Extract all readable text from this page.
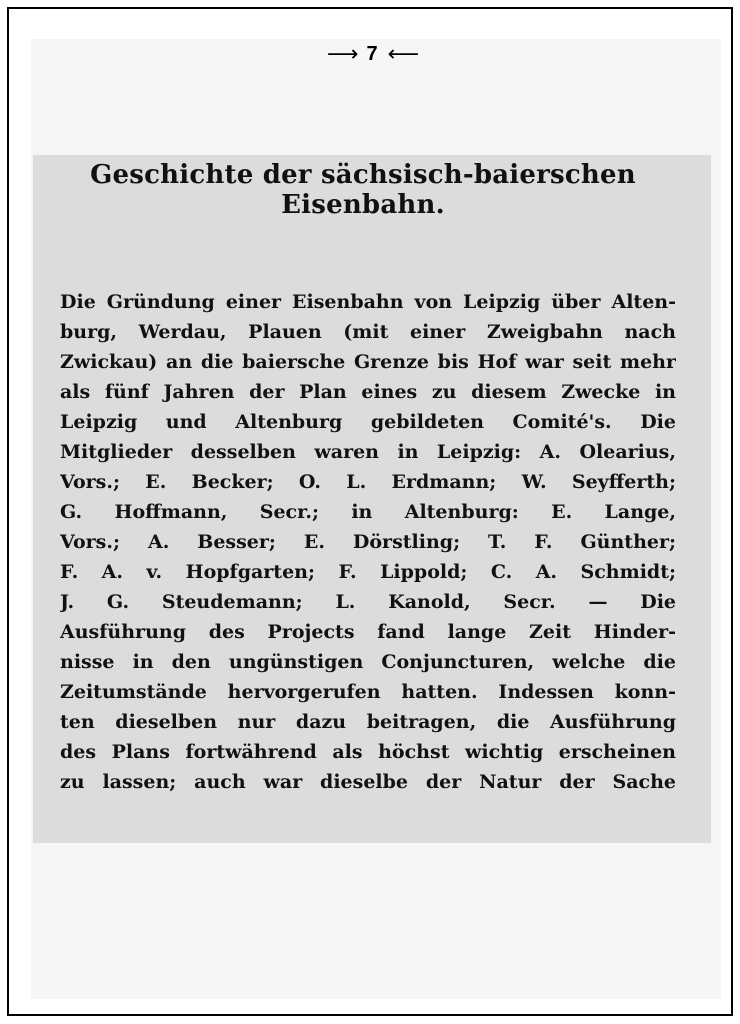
⟶ 7 ⟵
Geschichte der sächsisch-baierschen Eisenbahn.
Die Gründung einer Eisenbahn von Leipzig über Alten-
burg, Werdau, Plauen (mit einer Zweigbahn nach
Zwickau) an die baiersche Grenze bis Hof war seit mehr
als fünf Jahren der Plan eines zu diesem Zwecke in
Leipzig und Altenburg gebildeten Comité's. Die
Mitglieder desselben waren in Leipzig: A. Olearius,
Vors.; E. Becker; O. L. Erdmann; W. Seyfferth;
G. Hoffmann, Secr.; in Altenburg: E. Lange,
Vors.; A. Besser; E. Dörstling; T. F. Günther;
F. A. v. Hopfgarten; F. Lippold; C. A. Schmidt;
J. G. Steudemann; L. Kanold, Secr. — Die
Ausführung des Projects fand lange Zeit Hinder-
nisse in den ungünstigen Conjuncturen, welche die
Zeitumstände hervorgerufen hatten. Indessen konn-
ten dieselben nur dazu beitragen, die Ausführung
des Plans fortwährend als höchst wichtig erscheinen
zu lassen; auch war dieselbe der Natur der Sache
